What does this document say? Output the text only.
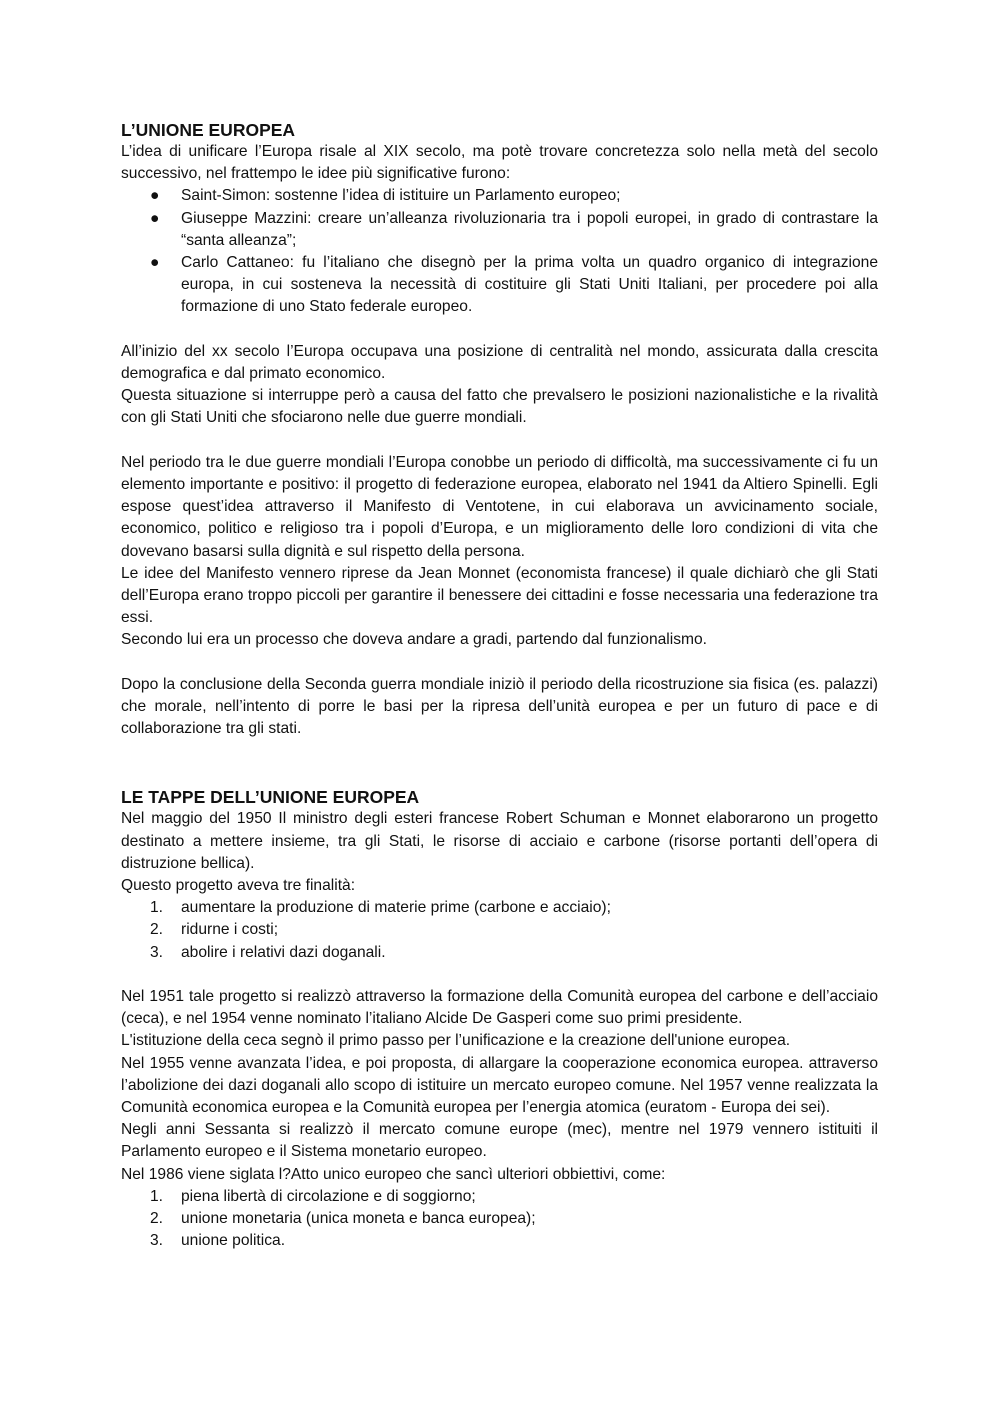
L’UNIONE EUROPEA

L’idea di unificare l’Europa risale al XIX secolo, ma potè trovare concretezza solo nella metà del secolo successivo, nel frattempo le idee più significative furono:

● Saint-Simon: sostenne l’idea di istituire un Parlamento europeo;
● Giuseppe Mazzini: creare un’alleanza rivoluzionaria tra i popoli europei, in grado di contrastare la “santa alleanza”;
● Carlo Cattaneo: fu l’italiano che disegnò per la prima volta un quadro organico di integrazione europa, in cui sosteneva la necessità di costituire gli Stati Uniti Italiani, per procedere poi alla formazione di uno Stato federale europeo.

All’inizio del xx secolo l’Europa occupava una posizione di centralità nel mondo, assicurata dalla crescita demografica e dal primato economico.

Questa situazione si interruppe però a causa del fatto che prevalsero le posizioni nazionalistiche e la rivalità con gli Stati Uniti che sfociarono nelle due guerre mondiali.

Nel periodo tra le due guerre mondiali l’Europa conobbe un periodo di difficoltà, ma successivamente ci fu un elemento importante e positivo: il progetto di federazione europea, elaborato nel 1941 da Altiero Spinelli. Egli espose quest’idea attraverso il Manifesto di Ventotene, in cui elaborava un avvicinamento sociale, economico, politico e religioso tra i popoli d’Europa, e un miglioramento delle loro condizioni di vita che dovevano basarsi sulla dignità e sul rispetto della persona.

Le idee del Manifesto vennero riprese da Jean Monnet (economista francese) il quale dichiarò che gli Stati dell’Europa erano troppo piccoli per garantire il benessere dei cittadini e fosse necessaria una federazione tra essi.

Secondo lui era un processo che doveva andare a gradi, partendo dal funzionalismo.

Dopo la conclusione della Seconda guerra mondiale iniziò il periodo della ricostruzione sia fisica (es. palazzi) che morale, nell’intento di porre le basi per la ripresa dell’unità europea e per un futuro di pace e di collaborazione tra gli stati.

LE TAPPE DELL’UNIONE EUROPEA

Nel maggio del 1950 Il ministro degli esteri francese Robert Schuman e Monnet elaborarono un progetto destinato a mettere insieme, tra gli Stati, le risorse di acciaio e carbone (risorse portanti dell’opera di distruzione bellica).

Questo progetto aveva tre finalità:

1. aumentare la produzione di materie prime (carbone e acciaio);
2. ridurne i costi;
3. abolire i relativi dazi doganali.

Nel 1951 tale progetto si realizzò attraverso la formazione della Comunità europea del carbone e dell’acciaio (ceca), e nel 1954 venne nominato l’italiano Alcide De Gasperi come suo primi presidente.

L'istituzione della ceca segnò il primo passo per l’unificazione e la creazione dell'unione europea.

Nel 1955 venne avanzata l’idea, e poi proposta, di allargare la cooperazione economica europea. attraverso l’abolizione dei dazi doganali allo scopo di istituire un mercato europeo comune. Nel 1957 venne realizzata la Comunità economica europea e la Comunità europea per l’energia atomica (euratom - Europa dei sei).

Negli anni Sessanta si realizzò il mercato comune europe (mec), mentre nel 1979 vennero istituiti il Parlamento europeo e il Sistema monetario europeo.

Nel 1986 viene siglata l?Atto unico europeo che sancì ulteriori obbiettivi, come:

1. piena libertà di circolazione e di soggiorno;
2. unione monetaria (unica moneta e banca europea);
3. unione politica.
